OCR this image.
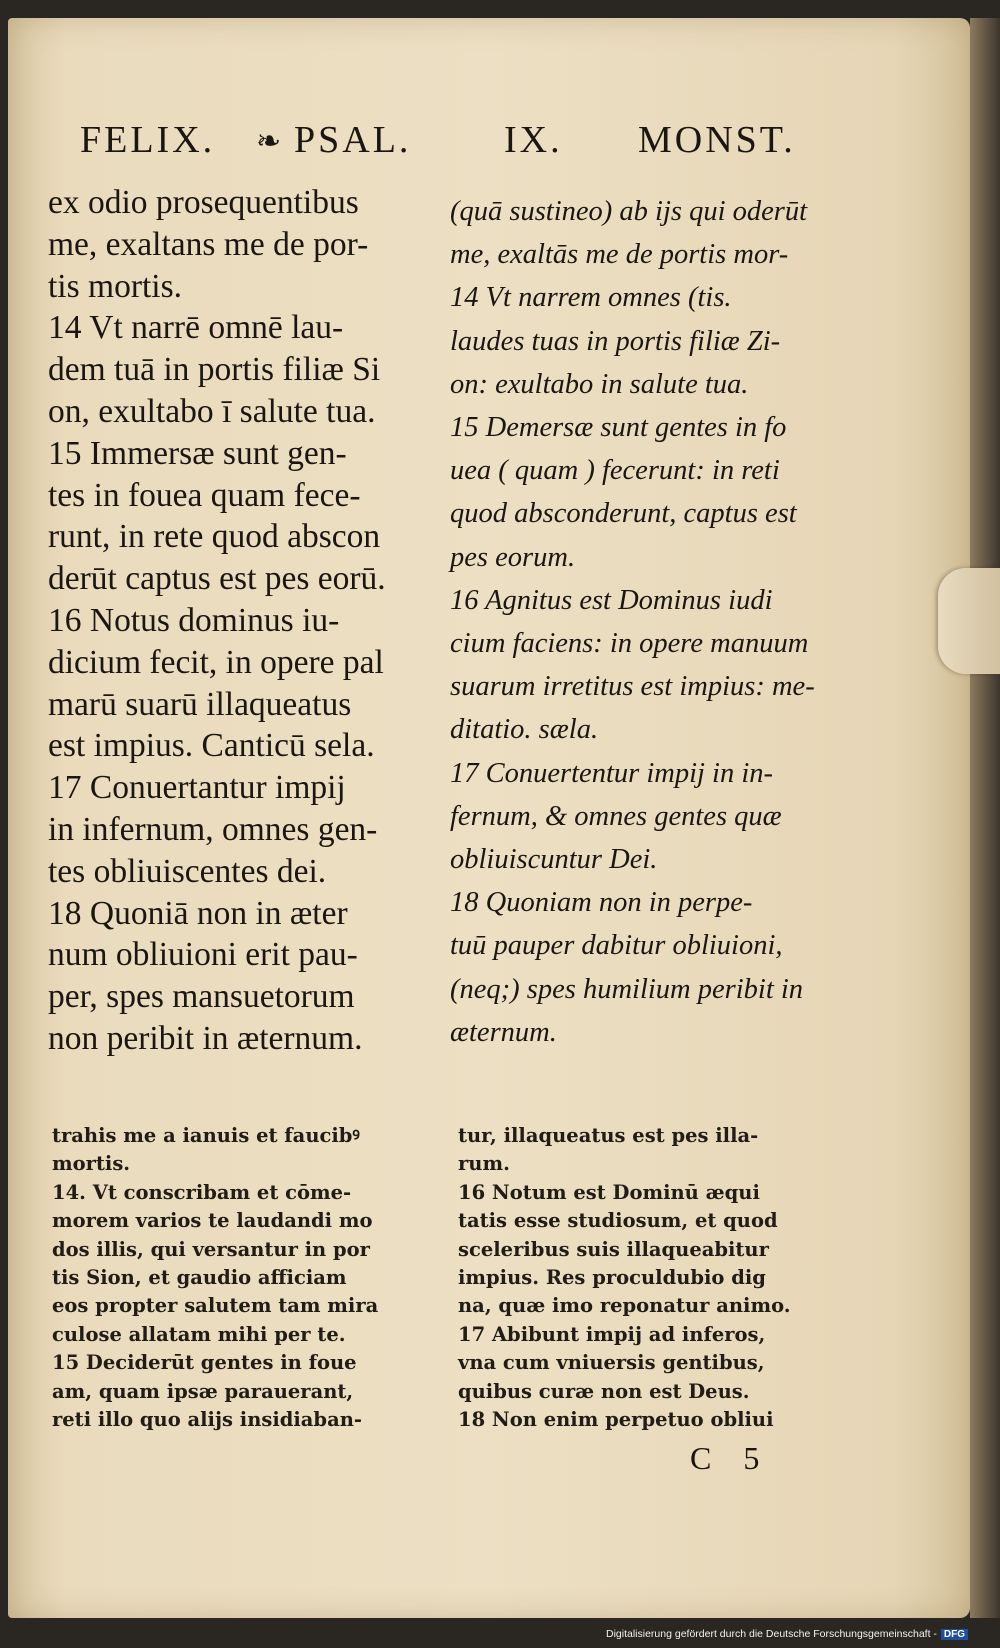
FELIX. ❧ PSAL. IX. MONST.
ex odio prosequentibus
me, exaltans me de por-
tis mortis.
14 Vt narrē omnē lau-
dem tuā in portis filiæ Si
on, exultabo ī salute tua.
15 Immersæ sunt gen-
tes in fouea quam fece-
runt, in rete quod abscon
derūt captus est pes eorū.
16 Notus dominus iu-
dicium fecit, in opere pal
marū suarū illaqueatus
est impius. Canticū sela.
17 Conuertantur impij
in infernum, omnes gen-
tes obliuiscentes dei.
18 Quoniā non in æter
num obliuioni erit pau-
per, spes mansuetorum
non peribit in æternum.
(quā sustineo) ab ijs qui oderūt
me, exaltās me de portis mor-
14 Vt narrem omnes (tis.
laudes tuas in portis filiæ Zi-
on: exultabo in salute tua.
15 Demersæ sunt gentes in fo
uea ( quam ) fecerunt: in reti
quod absconderunt, captus est
pes eorum.
16 Agnitus est Dominus iudi
cium faciens: in opere manuum
suarum irretitus est impius: me-
ditatio. sæla.
17 Conuertentur impij in in-
fernum, & omnes gentes quæ
obliuiscuntur Dei.
18 Quoniam non in perpe-
tuū pauper dabitur obliuioni,
(neq;) spes humilium peribit in
æternum.
trahis me a ianuis et faucibꝰ
mortis.
14. Vt conscribam et cōme-
morem varios te laudandi mo
dos illis, qui versantur in por
tis Sion, et gaudio afficiam
eos propter salutem tam mira
culose allatam mihi per te.
15 Deciderūt gentes in foue
am, quam ipsæ parauerant,
reti illo quo alijs insidiaban-
tur, illaqueatus est pes illa-
rum.
16 Notum est Dominū æqui
tatis esse studiosum, et quod
sceleribus suis illaqueabitur
impius. Res proculdubio dig
na, quæ imo reponatur animo.
17 Abibunt impij ad inferos,
vna cum vniuersis gentibus,
quibus curæ non est Deus.
18 Non enim perpetuo obliui
C 5
Digitalisierung gefördert durch die Deutsche Forschungsgemeinschaft - DFG
